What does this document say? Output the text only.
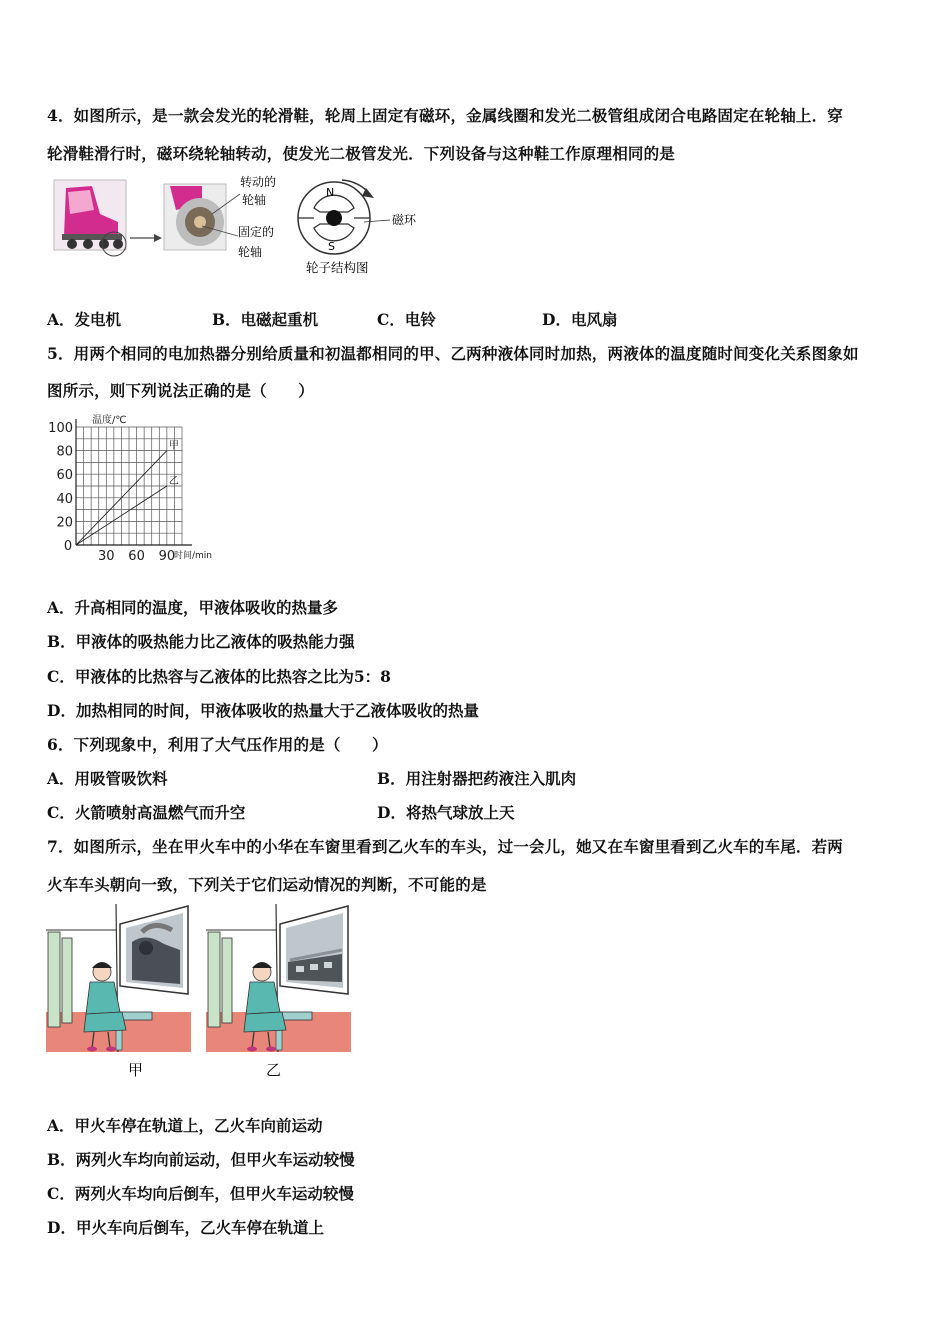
4．如图所示，是一款会发光的轮滑鞋，轮周上固定有磁环，金属线圈和发光二极管组成闭合电路固定在轮轴上．穿
轮滑鞋滑行时，磁环绕轮轴转动，使发光二极管发光．下列设备与这种鞋工作原理相同的是
转动的
轮轴
固定的
轮轴
N
S
磁环
轮子结构图
A．发电机	B．电磁起重机	C．电铃	D．电风扇
5．用两个相同的电加热器分别给质量和初温都相同的甲、乙两种液体同时加热，两液体的温度随时间变化关系图象如
图所示，则下列说法正确的是（　　）
100
80
60
40
20
0
30 60 90
温度/℃
时间/min
甲
乙
A．升高相同的温度，甲液体吸收的热量多
B．甲液体的吸热能力比乙液体的吸热能力强
C．甲液体的比热容与乙液体的比热容之比为5：8
D．加热相同的时间，甲液体吸收的热量大于乙液体吸收的热量
6．下列现象中，利用了大气压作用的是（　　）
A．用吸管吸饮料	B．用注射器把药液注入肌肉
C．火箭喷射高温燃气而升空	D．将热气球放上天
7．如图所示，坐在甲火车中的小华在车窗里看到乙火车的车头，过一会儿，她又在车窗里看到乙火车的车尾．若两
火车车头朝向一致，下列关于它们运动情况的判断，不可能的是
甲	乙
A．甲火车停在轨道上，乙火车向前运动
B．两列火车均向前运动，但甲火车运动较慢
C．两列火车均向后倒车，但甲火车运动较慢
D．甲火车向后倒车，乙火车停在轨道上
